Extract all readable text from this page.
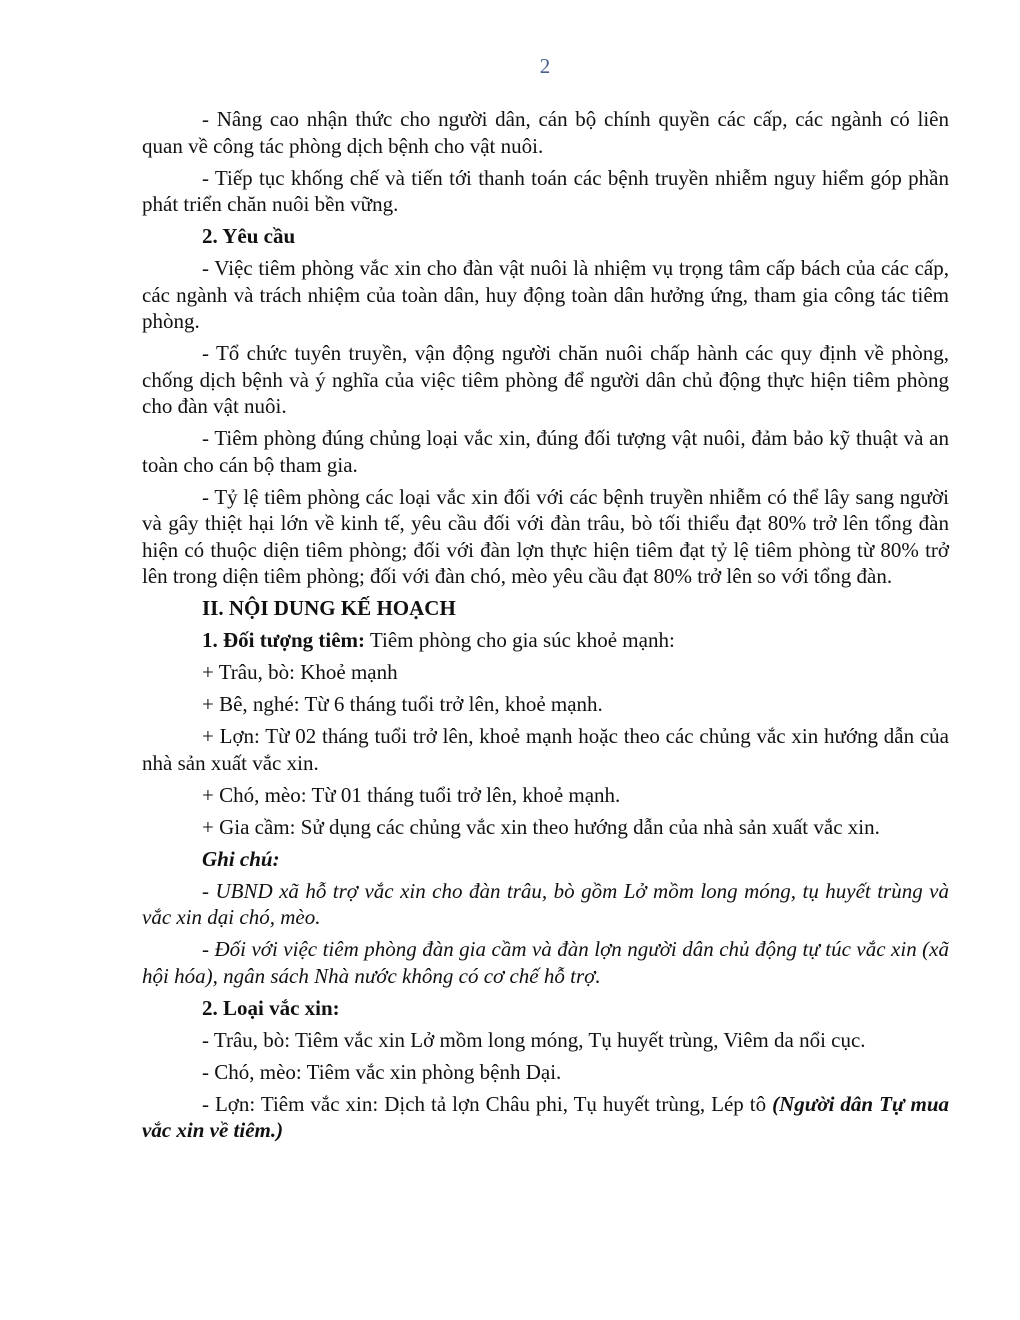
2

- Nâng cao nhận thức cho người dân, cán bộ chính quyền các cấp, các ngành có liên quan về công tác phòng dịch bệnh cho vật nuôi.

- Tiếp tục khống chế và tiến tới thanh toán các bệnh truyền nhiễm nguy hiểm góp phần phát triển chăn nuôi bền vững.

2. Yêu cầu

- Việc tiêm phòng vắc xin cho đàn vật nuôi là nhiệm vụ trọng tâm cấp bách của các cấp, các ngành và trách nhiệm của toàn dân, huy động toàn dân hưởng ứng, tham gia công tác tiêm phòng.

- Tổ chức tuyên truyền, vận động người chăn nuôi chấp hành các quy định về phòng, chống dịch bệnh và ý nghĩa của việc tiêm phòng để người dân chủ động thực hiện tiêm phòng cho đàn vật nuôi.

- Tiêm phòng đúng chủng loại vắc xin, đúng đối tượng vật nuôi, đảm bảo kỹ thuật và an toàn cho cán bộ tham gia.

- Tỷ lệ tiêm phòng các loại vắc xin đối với các bệnh truyền nhiễm có thể lây sang người và gây thiệt hại lớn về kinh tế, yêu cầu đối với đàn trâu, bò tối thiểu đạt 80% trở lên tổng đàn hiện có thuộc diện tiêm phòng; đối với đàn lợn thực hiện tiêm đạt tỷ lệ tiêm phòng từ 80% trở lên trong diện tiêm phòng; đối với đàn chó, mèo yêu cầu đạt 80% trở lên so với tổng đàn.

II. NỘI DUNG KẾ HOẠCH

1. Đối tượng tiêm: Tiêm phòng cho gia súc khoẻ mạnh:

+ Trâu, bò: Khoẻ mạnh

+ Bê, nghé: Từ 6 tháng tuổi trở lên, khoẻ mạnh.

+ Lợn: Từ 02 tháng tuổi trở lên, khoẻ mạnh hoặc theo các chủng vắc xin hướng dẫn của nhà sản xuất vắc xin.

+ Chó, mèo: Từ 01 tháng tuổi trở lên, khoẻ mạnh.

+ Gia cầm: Sử dụng các chủng vắc xin theo hướng dẫn của nhà sản xuất vắc xin.

Ghi chú:

- UBND xã hỗ trợ vắc xin cho đàn trâu, bò gồm Lở mồm long móng, tụ huyết trùng và vắc xin dại chó, mèo.

- Đối với việc tiêm phòng đàn gia cầm và đàn lợn người dân chủ động tự túc vắc xin (xã hội hóa), ngân sách Nhà nước không có cơ chế hỗ trợ.

2. Loại vắc xin:

- Trâu, bò: Tiêm vắc xin Lở mồm long móng, Tụ huyết trùng, Viêm da nổi cục.

- Chó, mèo: Tiêm vắc xin phòng bệnh Dại.

- Lợn: Tiêm vắc xin: Dịch tả lợn Châu phi, Tụ huyết trùng, Lép tô (Người dân Tự mua vắc xin về tiêm.)
